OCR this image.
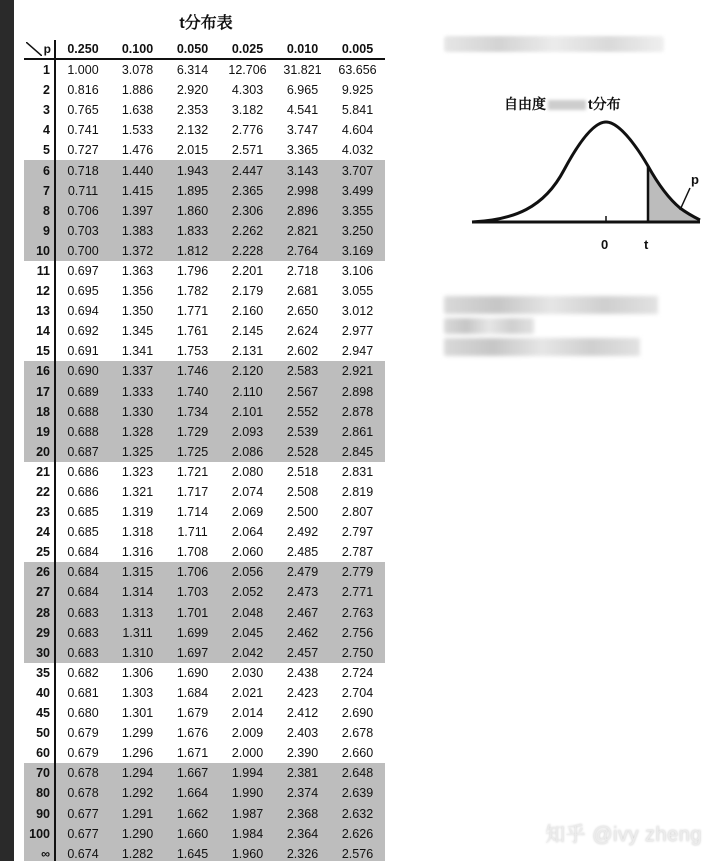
t分布表
p	0.250	0.100	0.050	0.025	0.010	0.005
1	1.000	3.078	6.314	12.706	31.821	63.656
2	0.816	1.886	2.920	4.303	6.965	9.925
3	0.765	1.638	2.353	3.182	4.541	5.841
4	0.741	1.533	2.132	2.776	3.747	4.604
5	0.727	1.476	2.015	2.571	3.365	4.032
6	0.718	1.440	1.943	2.447	3.143	3.707
7	0.711	1.415	1.895	2.365	2.998	3.499
8	0.706	1.397	1.860	2.306	2.896	3.355
9	0.703	1.383	1.833	2.262	2.821	3.250
10	0.700	1.372	1.812	2.228	2.764	3.169
11	0.697	1.363	1.796	2.201	2.718	3.106
12	0.695	1.356	1.782	2.179	2.681	3.055
13	0.694	1.350	1.771	2.160	2.650	3.012
14	0.692	1.345	1.761	2.145	2.624	2.977
15	0.691	1.341	1.753	2.131	2.602	2.947
16	0.690	1.337	1.746	2.120	2.583	2.921
17	0.689	1.333	1.740	2.110	2.567	2.898
18	0.688	1.330	1.734	2.101	2.552	2.878
19	0.688	1.328	1.729	2.093	2.539	2.861
20	0.687	1.325	1.725	2.086	2.528	2.845
21	0.686	1.323	1.721	2.080	2.518	2.831
22	0.686	1.321	1.717	2.074	2.508	2.819
23	0.685	1.319	1.714	2.069	2.500	2.807
24	0.685	1.318	1.711	2.064	2.492	2.797
25	0.684	1.316	1.708	2.060	2.485	2.787
26	0.684	1.315	1.706	2.056	2.479	2.779
27	0.684	1.314	1.703	2.052	2.473	2.771
28	0.683	1.313	1.701	2.048	2.467	2.763
29	0.683	1.311	1.699	2.045	2.462	2.756
30	0.683	1.310	1.697	2.042	2.457	2.750
35	0.682	1.306	1.690	2.030	2.438	2.724
40	0.681	1.303	1.684	2.021	2.423	2.704
45	0.680	1.301	1.679	2.014	2.412	2.690
50	0.679	1.299	1.676	2.009	2.403	2.678
60	0.679	1.296	1.671	2.000	2.390	2.660
70	0.678	1.294	1.667	1.994	2.381	2.648
80	0.678	1.292	1.664	1.990	2.374	2.639
90	0.677	1.291	1.662	1.987	2.368	2.632
100	0.677	1.290	1.660	1.984	2.364	2.626
∞	0.674	1.282	1.645	1.960	2.326	2.576
自由度	t分布
p
0	t
知乎 @ivy zheng
